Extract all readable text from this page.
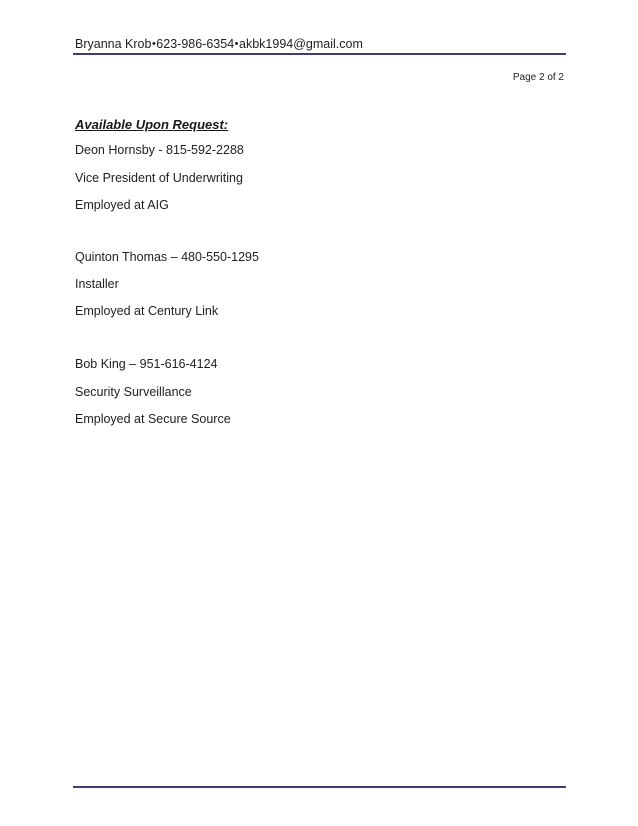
Bryanna Krob•623-986-6354•akbk1994@gmail.com
Page 2 of 2
Available Upon Request:
Deon Hornsby - 815-592-2288
Vice President of Underwriting
Employed at AIG
Quinton Thomas – 480-550-1295
Installer
Employed at Century Link
Bob King – 951-616-4124
Security Surveillance
Employed at Secure Source
